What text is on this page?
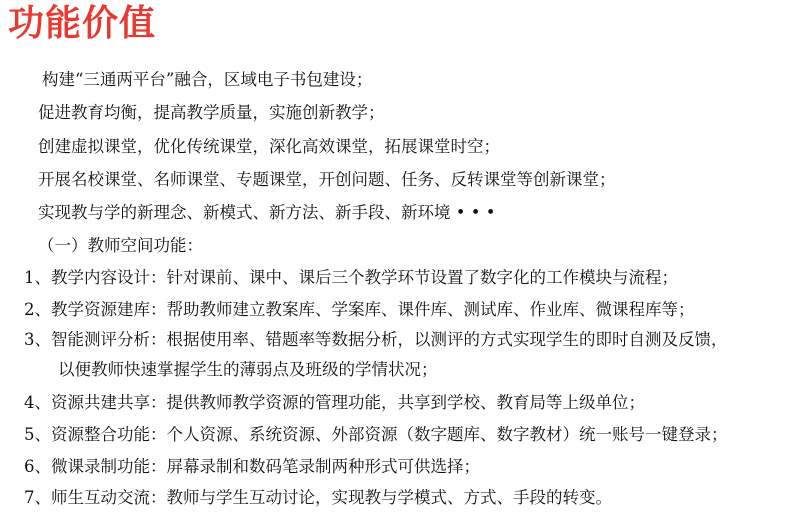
功能价值
构建“三通两平台”融合，区域电子书包建设；
促进教育均衡，提高教学质量，实施创新教学；
创建虚拟课堂，优化传统课堂，深化高效课堂，拓展课堂时空；
开展名校课堂、名师课堂、专题课堂，开创问题、任务、反转课堂等创新课堂；
实现教与学的新理念、新模式、新方法、新手段、新环境 • • •
（一）教师空间功能：
1、教学内容设计：针对课前、课中、课后三个教学环节设置了数字化的工作模块与流程；
2、教学资源建库：帮助教师建立教案库、学案库、课件库、测试库、作业库、微课程库等；
3、智能测评分析：根据使用率、错题率等数据分析，以测评的方式实现学生的即时自测及反馈，
以便教师快速掌握学生的薄弱点及班级的学情状况；
4、资源共建共享：提供教师教学资源的管理功能，共享到学校、教育局等上级单位；
5、资源整合功能：个人资源、系统资源、外部资源（数字题库、数字教材）统一账号一键登录；
6、微课录制功能：屏幕录制和数码笔录制两种形式可供选择；
7、师生互动交流：教师与学生互动讨论，实现教与学模式、方式、手段的转变。
